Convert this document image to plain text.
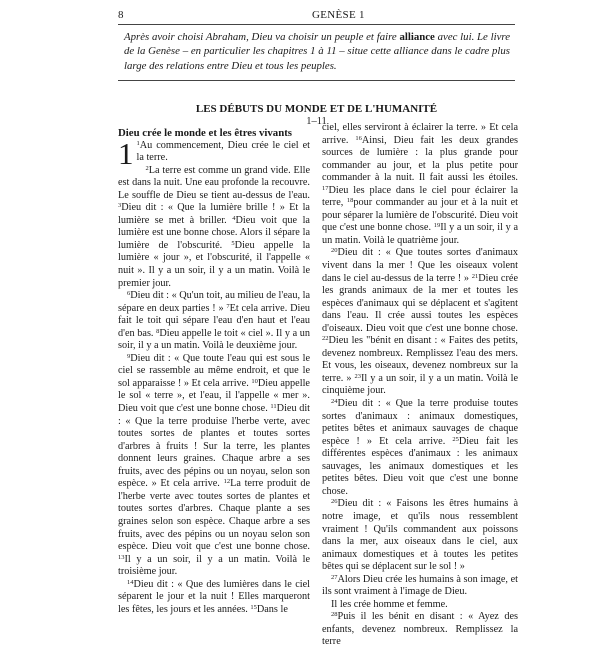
8	GENÈSE 1
Après avoir choisi Abraham, Dieu va choisir un peuple et faire alliance avec lui. Le livre de la Genèse – en particulier les chapitres 1 à 11 – situe cette alliance dans le cadre plus large des relations entre Dieu et tous les peuples.
LES DÉBUTS DU MONDE ET DE L'HUMANITÉ
1–11

Dieu crée le monde et les êtres vivants

1 $^1$Au commencement, Dieu crée le ciel et la terre.

$^2$La terre est comme un grand vide. Elle est dans la nuit. Une eau profonde la recouvre. Le souffle de Dieu se tient au-dessus de l'eau. $^3$Dieu dit : « Que la lumière brille ! » Et la lumière se met à briller. $^4$Dieu voit que la lumière est une bonne chose. Alors il sépare la lumière de l'obscurité. $^5$Dieu appelle la lumière « jour », et l'obscurité, il l'appelle « nuit ». Il y a un soir, il y a un matin. Voilà le premier jour.

$^6$Dieu dit : « Qu'un toit, au milieu de l'eau, la sépare en deux parties ! » $^7$Et cela arrive. Dieu fait le toit qui sépare l'eau d'en haut et l'eau d'en bas. $^8$Dieu appelle le toit « ciel ». Il y a un soir, il y a un matin. Voilà le deuxième jour.

$^9$Dieu dit : « Que toute l'eau qui est sous le ciel se rassemble au même endroit, et que le sol apparaisse ! » Et cela arrive. $^{10}$Dieu appelle le sol « terre », et l'eau, il l'appelle « mer ». Dieu voit que c'est une bonne chose. $^{11}$Dieu dit : « Que la terre produise l'herbe verte, avec toutes sortes de plantes et toutes sortes d'arbres à fruits ! Sur la terre, les plantes donnent leurs graines. Chaque arbre a ses fruits, avec des pépins ou un noyau, selon son espèce. » Et cela arrive. $^{12}$La terre produit de l'herbe verte avec toutes sortes de plantes et toutes sortes d'arbres. Chaque plante a ses graines selon son espèce. Chaque arbre a ses fruits, avec des pépins ou un noyau selon son espèce. Dieu voit que c'est une bonne chose. $^{13}$Il y a un soir, il y a un matin. Voilà le troisième jour.

$^{14}$Dieu dit : « Que des lumières dans le ciel séparent le jour et la nuit ! Elles marqueront les fêtes, les jours et les années. $^{15}$Dans le

ciel, elles serviront à éclairer la terre. » Et cela arrive. $^{16}$Ainsi, Dieu fait les deux grandes sources de lumière : la plus grande pour commander au jour, et la plus petite pour commander à la nuit. Il fait aussi les étoiles. $^{17}$Dieu les place dans le ciel pour éclairer la terre, $^{18}$pour commander au jour et à la nuit et pour séparer la lumière de l'obscurité. Dieu voit que c'est une bonne chose. $^{19}$Il y a un soir, il y a un matin. Voilà le quatrième jour.

$^{20}$Dieu dit : « Que toutes sortes d'animaux vivent dans la mer ! Que les oiseaux volent dans le ciel au-dessus de la terre ! » $^{21}$Dieu crée les grands animaux de la mer et toutes les espèces d'animaux qui se déplacent et s'agitent dans l'eau. Il crée aussi toutes les espèces d'oiseaux. Dieu voit que c'est une bonne chose. $^{22}$Dieu les "bénit en disant : « Faites des petits, devenez nombreux. Remplissez l'eau des mers. Et vous, les oiseaux, devenez nombreux sur la terre. » $^{23}$Il y a un soir, il y a un matin. Voilà le cinquième jour.

$^{24}$Dieu dit : « Que la terre produise toutes sortes d'animaux : animaux domestiques, petites bêtes et animaux sauvages de chaque espèce ! » Et cela arrive. $^{25}$Dieu fait les différentes espèces d'animaux : les animaux sauvages, les animaux domestiques et les petites bêtes. Dieu voit que c'est une bonne chose.

$^{26}$Dieu dit : « Faisons les êtres humains à notre image, et qu'ils nous ressemblent vraiment ! Qu'ils commandent aux poissons dans la mer, aux oiseaux dans le ciel, aux animaux domestiques et à toutes les petites bêtes qui se déplacent sur le sol ! »

$^{27}$Alors Dieu crée les humains à son image, et ils sont vraiment à l'image de Dieu.

Il les crée homme et femme.

$^{28}$Puis il les bénit en disant : « Ayez des enfants, devenez nombreux. Remplissez la terre
